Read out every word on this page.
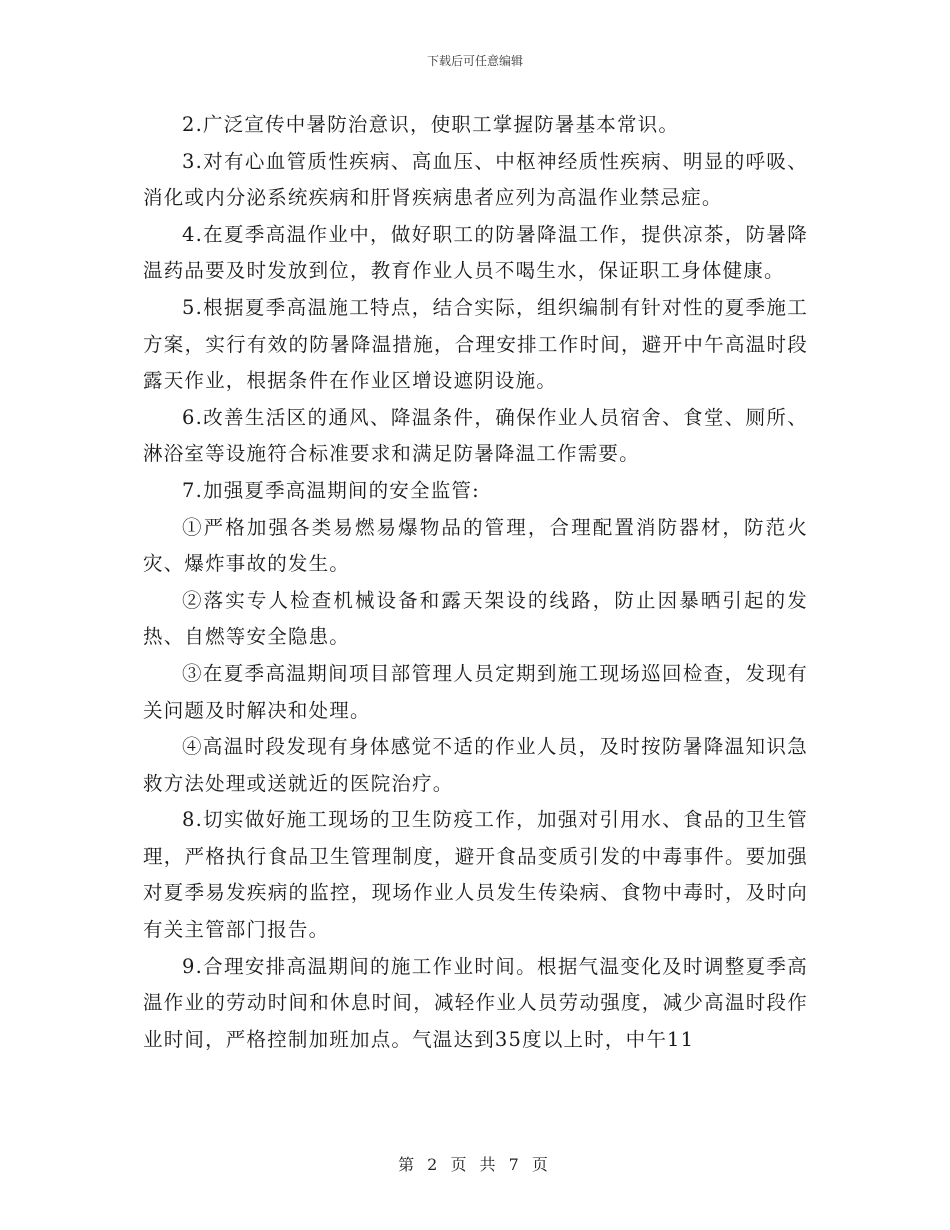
下载后可任意编辑

2.广泛宣传中暑防治意识，使职工掌握防暑基本常识。

3.对有心血管质性疾病、高血压、中枢神经质性疾病、明显的呼吸、消化或内分泌系统疾病和肝肾疾病患者应列为高温作业禁忌症。

4.在夏季高温作业中，做好职工的防暑降温工作，提供凉茶，防暑降温药品要及时发放到位，教育作业人员不喝生水，保证职工身体健康。

5.根据夏季高温施工特点，结合实际，组织编制有针对性的夏季施工方案，实行有效的防暑降温措施，合理安排工作时间，避开中午高温时段露天作业，根据条件在作业区增设遮阴设施。

6.改善生活区的通风、降温条件，确保作业人员宿舍、食堂、厕所、淋浴室等设施符合标准要求和满足防暑降温工作需要。

7.加强夏季高温期间的安全监管:

①严格加强各类易燃易爆物品的管理，合理配置消防器材，防范火灾、爆炸事故的发生。

②落实专人检查机械设备和露天架设的线路，防止因暴晒引起的发热、自燃等安全隐患。

③在夏季高温期间项目部管理人员定期到施工现场巡回检查，发现有关问题及时解决和处理。

④高温时段发现有身体感觉不适的作业人员，及时按防暑降温知识急救方法处理或送就近的医院治疗。

8.切实做好施工现场的卫生防疫工作，加强对引用水、食品的卫生管理，严格执行食品卫生管理制度，避开食品变质引发的中毒事件。要加强对夏季易发疾病的监控，现场作业人员发生传染病、食物中毒时，及时向有关主管部门报告。

9.合理安排高温期间的施工作业时间。根据气温变化及时调整夏季高温作业的劳动时间和休息时间，减轻作业人员劳动强度，减少高温时段作业时间，严格控制加班加点。气温达到35度以上时，中午11

第 2 页 共 7 页
